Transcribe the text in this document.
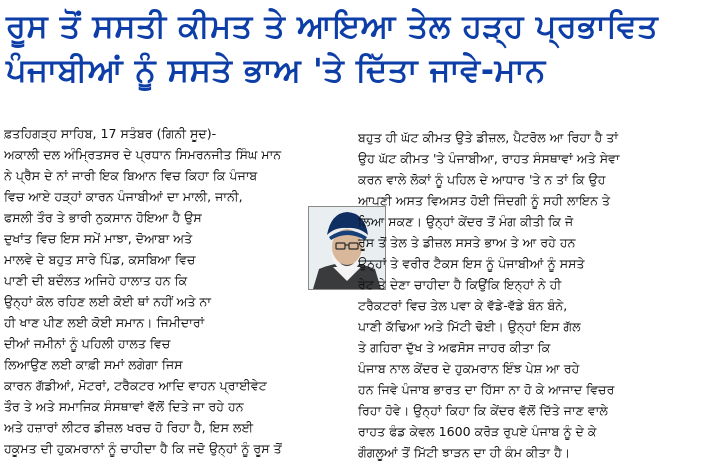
ਰੂਸ ਤੋਂ ਸਸਤੀ ਕੀਮਤ ਤੇ ਆਇਆ ਤੇਲ ਹੜ੍ਹ ਪ੍ਰਭਾਵਿਤ
ਪੰਜਾਬੀਆਂ ਨੂੰ ਸਸਤੇ ਭਾਅ 'ਤੇ ਦਿੱਤਾ ਜਾਵੇ-ਮਾਨ
ਫ਼ਤਹਿਗੜ੍ਹ ਸਾਹਿਬ, 17 ਸਤੰਬਰ (ਗਿਨੀ ਸੂਦ)-
ਅਕਾਲੀ ਦਲ ਅੰਮ੍ਰਿਤਸਰ ਦੇ ਪ੍ਰਧਾਨ ਸਿਮਰਨਜੀਤ ਸਿੰਘ ਮਾਨ
ਨੇ ਪ੍ਰੈਸ ਦੇ ਨਾਂ ਜਾਰੀ ਇਕ ਬਿਆਨ ਵਿਚ ਕਿਹਾ ਕਿ ਪੰਜਾਬ
ਵਿਚ ਆਏ ਹੜ੍ਹਾਂ ਕਾਰਨ ਪੰਜਾਬੀਆਂ ਦਾ ਮਾਲੀ, ਜਾਨੀ,
ਫਸਲੀ ਤੌਰ ਤੇ ਭਾਰੀ ਨੁਕਸਾਨ ਹੋਇਆ ਹੈ ਉਸ
ਦੁਖਾਂਤ ਵਿਚ ਇਸ ਸਮੇਂ ਮਾਝਾ, ਦੋਆਬਾ ਅਤੇ
ਮਾਲਵੇ ਦੇ ਬਹੁਤ ਸਾਰੇ ਪਿੰਡ, ਕਸਬਿਆ ਵਿਚ
ਪਾਣੀ ਦੀ ਬਦੌਲਤ ਅਜਿਹੇ ਹਾਲਾਤ ਹਨ ਕਿ
ਉਨ੍ਹਾਂ ਕੋਲ ਰਹਿਣ ਲਈ ਕੋਈ ਥਾਂ ਨਹੀਂ ਅਤੇ ਨਾ
ਹੀ ਖਾਣ ਪੀਣ ਲਈ ਕੋਈ ਸਮਾਨ। ਜਿਮੀਦਾਰਾਂ
ਦੀਆਂ ਜਮੀਨਾਂ ਨੂੰ ਪਹਿਲੀ ਹਾਲਤ ਵਿਚ
ਲਿਆਉਣ ਲਈ ਕਾਫ਼ੀ ਸਮਾਂ ਲਗੇਗਾ ਜਿਸ
ਕਾਰਨ ਗੱਡੀਆਂ, ਮੋਟਰਾਂ, ਟਰੈਕਟਰ ਆਦਿ ਵਾਹਨ ਪ੍ਰਾਈਵੇਟ
ਤੌਰ ਤੇ ਅਤੇ ਸਮਾਜਿਕ ਸੰਸਥਾਵਾਂ ਵੱਲੋਂ ਦਿਤੇ ਜਾ ਰਹੇ ਹਨ
ਅਤੇ ਹਜ਼ਾਰਾਂ ਲੀਟਰ ਡੀਜ਼ਲ ਖਰਚ ਹੋ ਰਿਹਾ ਹੈ, ਇਸ ਲਈ
ਹਕੂਮਤ ਦੀ ਹੁਕਮਰਾਨਾਂ ਨੂੰ ਚਾਹੀਦਾ ਹੈ ਕਿ ਜਦੋ ਉਨ੍ਹਾਂ ਨੂੰ ਰੂਸ ਤੋਂ
ਬਹੁਤ ਹੀ ਘੱਟ ਕੀਮਤ ਉਤੇ ਡੀਜ਼ਲ, ਪੈਟਰੋਲ ਆ ਰਿਹਾ ਹੈ ਤਾਂ
ਉਹ ਘੱਟ ਕੀਮਤ 'ਤੇ ਪੰਜਾਬੀਆ, ਰਾਹਤ ਸੰਸਥਾਵਾਂ ਅਤੇ ਸੇਵਾ
ਕਰਨ ਵਾਲੇ ਲੋਕਾਂ ਨੂੰ ਪਹਿਲ ਦੇ ਆਧਾਰ 'ਤੇ ਨ ਤਾਂ ਕਿ ਉਹ
ਆਪਣੀ ਅਸਤ ਵਿਅਸਤ ਹੋਈ ਜਿੰਦਗੀ ਨੂੰ ਸਹੀ ਲਾਇਨ ਤੇ
ਲਿਆ ਸਕਣ। ਉਨ੍ਹਾਂ ਕੇਂਦਰ ਤੋਂ ਮੰਗ ਕੀਤੀ ਕਿ ਜੋ
ਰੂਸ ਤੋਂ ਤੇਲ ਤੇ ਡੀਜ਼ਲ ਸਸਤੇ ਭਾਅ ਤੇ ਆ ਰਹੇ ਹਨ
ਉਨ੍ਹਾਂ ਤੇ ਵਰੀਰ ਟੈਕਸ ਇਸ ਨੂੰ ਪੰਜਾਬੀਆਂ ਨੂੰ ਸਸਤੇ
ਰੇਟ ਤੇ ਦੇਣਾ ਚਾਹੀਦਾ ਹੈ ਕਿਉਂਕਿ ਇਨ੍ਹਾਂ ਨੇ ਹੀ
ਟਰੈਕਟਰਾਂ ਵਿਚ ਤੇਲ ਪਵਾ ਕੇ ਵੱਡੇ-ਵੱਡੇ ਬੰਨ ਬੰਨੇ,
ਪਾਣੀ ਕੱਢਿਆ ਅਤੇ ਮਿੱਟੀ ਢੋਈ। ਉਨ੍ਹਾਂ ਇਸ ਗੱਲ
ਤੇ ਗਹਿਰਾ ਦੁੱਖ ਤੇ ਅਫਸੋਸ ਜਾਹਰ ਕੀਤਾ ਕਿ
ਪੰਜਾਬ ਨਾਲ ਕੇਂਦਰ ਦੇ ਹੁਕਮਰਾਨ ਇੰਝ ਪੇਸ਼ ਆ ਰਹੇ
ਹਨ ਜਿਵੇ ਪੰਜਾਬ ਭਾਰਤ ਦਾ ਹਿੱਸਾ ਨਾ ਹੋ ਕੇ ਆਜਾਦ ਵਿਚਰ
ਰਿਹਾ ਹੋਵੇ। ਉਨ੍ਹਾਂ ਕਿਹਾ ਕਿ ਕੇਂਦਰ ਵੱਲੋਂ ਦਿੱਤੇ ਜਾਣ ਵਾਲੇ
ਰਾਹਤ ਫੰਡ ਕੇਵਲ 1600 ਕਰੋੜ ਰੁਪਏ ਪੰਜਾਬ ਨੂੰ ਦੇ ਕੇ
ਗੌਗਲੂਆਂ ਤੋਂ ਮਿੱਟੀ ਝਾੜਨ ਦਾ ਹੀ ਕੰਮ ਕੀਤਾ ਹੈ।
